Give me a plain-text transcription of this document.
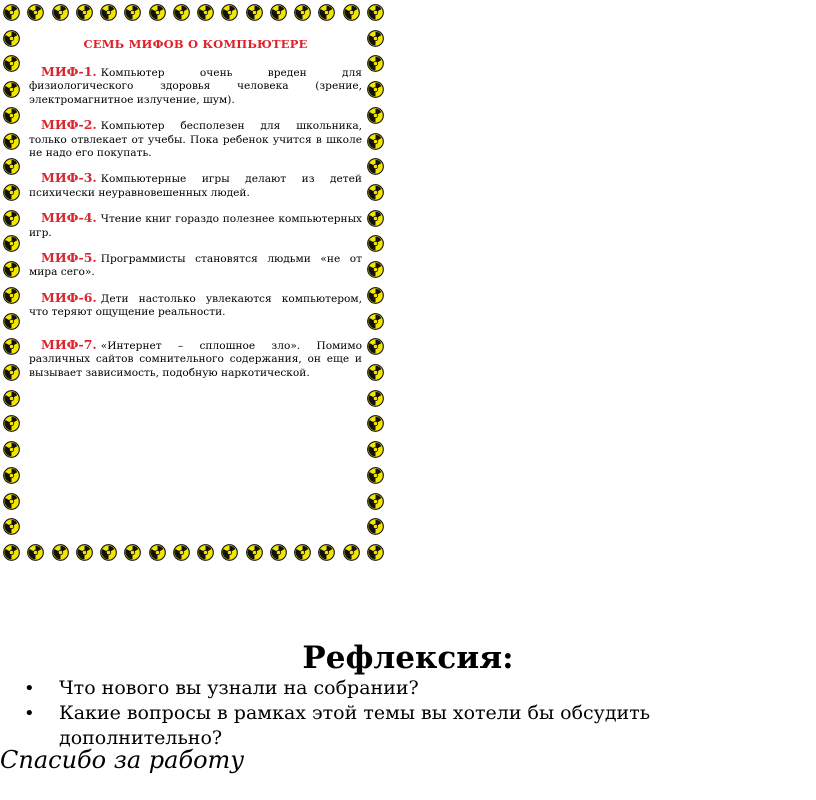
СЕМЬ МИФОВ О КОМПЬЮТЕРЕ

МИФ-1. Компьютер очень вреден для физиологического здоровья человека (зрение, электромагнитное излучение, шум).

МИФ-2. Компьютер бесполезен для школьника, только отвлекает от учебы. Пока ребенок учится в школе не надо его покупать.

МИФ-3. Компьютерные игры делают из детей психически неуравновешенных людей.

МИФ-4. Чтение книг гораздо полезнее компьютерных игр.

МИФ-5. Программисты становятся людьми «не от мира сего».

МИФ-6. Дети настолько увлекаются компьютером, что теряют ощущение реальности.

МИФ-7. «Интернет – сплошное зло». Помимо различных сайтов сомнительного содержания, он еще и вызывает зависимость, подобную наркотической.

Рефлексия:
• Что нового вы узнали на собрании?
• Какие вопросы в рамках этой темы вы хотели бы обсудить дополнительно?

Спасибо за работу
